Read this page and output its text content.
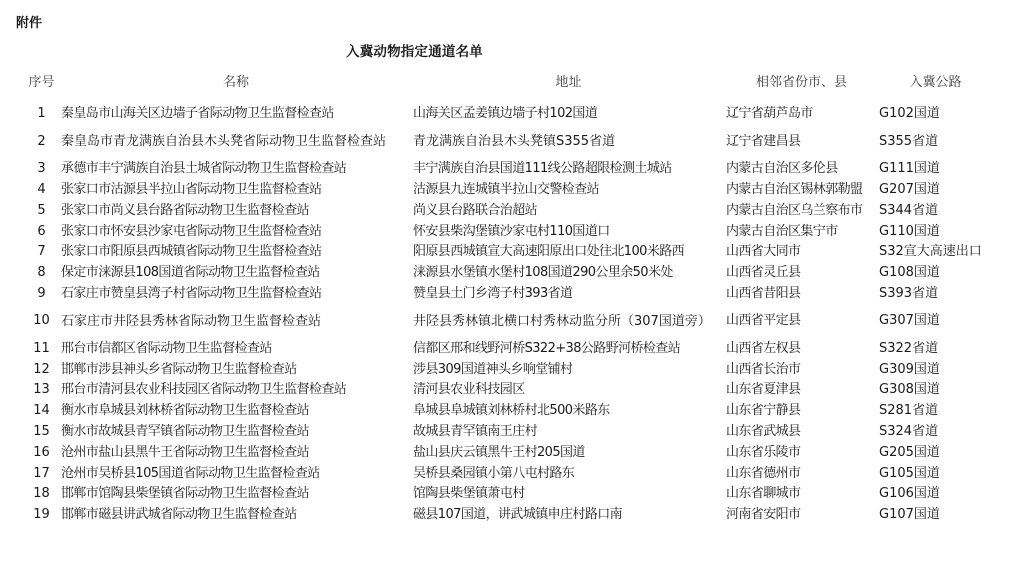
附件
入冀动物指定通道名单
序号	名称	地址	相邻省份市、县	入冀公路
1	秦皇岛市山海关区边墙子省际动物卫生监督检查站	山海关区孟姜镇边墙子村102国道	辽宁省葫芦岛市	G102国道
2	秦皇岛市青龙满族自治县木头凳省际动物卫生监督检查站	青龙满族自治县木头凳镇S355省道	辽宁省建昌县	S355省道
3	承德市丰宁满族自治县土城省际动物卫生监督检查站	丰宁满族自治县国道111线公路超限检测土城站	内蒙古自治区多伦县	G111国道
4	张家口市沽源县半拉山省际动物卫生监督检查站	沽源县九连城镇半拉山交警检查站	内蒙古自治区锡林郭勒盟	G207国道
5	张家口市尚义县台路省际动物卫生监督检查站	尚义县台路联合治超站	内蒙古自治区乌兰察布市	S344省道
6	张家口市怀安县沙家屯省际动物卫生监督检查站	怀安县柴沟堡镇沙家屯村110国道口	内蒙古自治区集宁市	G110国道
7	张家口市阳原县西城镇省际动物卫生监督检查站	阳原县西城镇宣大高速阳原出口处往北100米路西	山西省大同市	S32宣大高速出口
8	保定市涞源县108国道省际动物卫生监督检查站	涞源县水堡镇水堡村108国道290公里余50米处	山西省灵丘县	G108国道
9	石家庄市赞皇县湾子村省际动物卫生监督检查站	赞皇县土门乡湾子村393省道	山西省昔阳县	S393省道
10	石家庄市井陉县秀林省际动物卫生监督检查站	井陉县秀林镇北横口村秀林动监分所（307国道旁）	山西省平定县	G307国道
11	邢台市信都区省际动物卫生监督检查站	信都区邢和线野河桥S322+38公路野河桥检查站	山西省左权县	S322省道
12	邯郸市涉县神头乡省际动物卫生监督检查站	涉县309国道神头乡响堂铺村	山西省长治市	G309国道
13	邢台市清河县农业科技园区省际动物卫生监督检查站	清河县农业科技园区	山东省夏津县	G308国道
14	衡水市阜城县刘林桥省际动物卫生监督检查站	阜城县阜城镇刘林桥村北500米路东	山东省宁静县	S281省道
15	衡水市故城县青罕镇省际动物卫生监督检查站	故城县青罕镇南王庄村	山东省武城县	S324省道
16	沧州市盐山县黑牛王省际动物卫生监督检查站	盐山县庆云镇黑牛王村205国道	山东省乐陵市	G205国道
17	沧州市吴桥县105国道省际动物卫生监督检查站	吴桥县桑园镇小第八屯村路东	山东省德州市	G105国道
18	邯郸市馆陶县柴堡镇省际动物卫生监督检查站	馆陶县柴堡镇萧屯村	山东省聊城市	G106国道
19	邯郸市磁县讲武城省际动物卫生监督检查站	磁县107国道，讲武城镇申庄村路口南	河南省安阳市	G107国道
